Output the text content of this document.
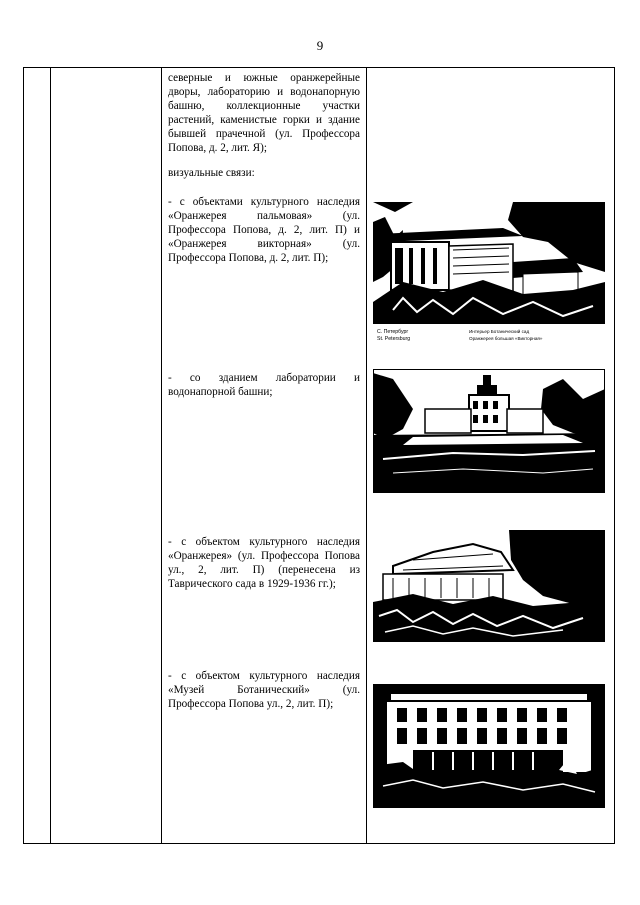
9

северные и южные оранжерейные дворы, лабораторию и водонапорную башню, коллекционные участки растений, каменистые горки и здание бывшей прачечной (ул. Профессора Попова, д. 2, лит. Я);
визуальные связи:
- с объектами культурного наследия «Оранжерея пальмовая» (ул. Профессора Попова, д. 2, лит. П) и «Оранжерея викторная» (ул. Профессора Попова, д. 2, лит. П);
- со зданием лаборатории и водонапорной башни;
- с объектом культурного наследия «Оранжерея» (ул. Профессора Попова ул., 2, лит. П) (перенесена из Таврического сада в 1929-1936 гг.);
- с объектом культурного наследия «Музей Ботанический» (ул. Профессора Попова ул., 2, лит. П);

С. Петербург
St. Petersburg
Интерьер Ботанический сад
Оранжерея большая «Викторная»
